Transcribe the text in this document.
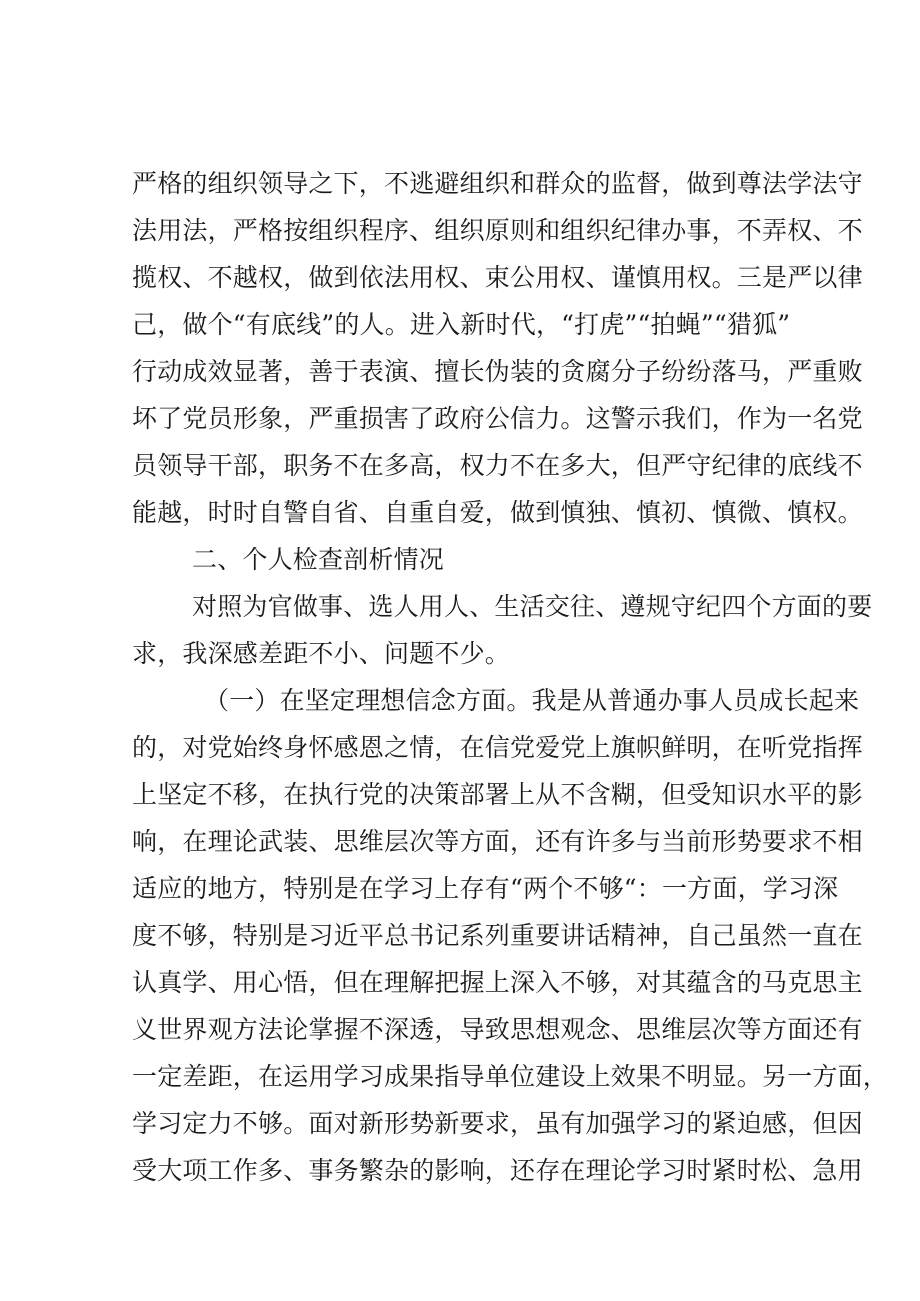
严格的组织领导之下，不逃避组织和群众的监督，做到尊法学法守
法用法，严格按组织程序、组织原则和组织纪律办事，不弄权、不
揽权、不越权，做到依法用权、束公用权、谨慎用权。三是严以律
己，做个“有底线”的人。进入新时代，“打虎”“拍蝇”“猎狐”
行动成效显著，善于表演、擅长伪装的贪腐分子纷纷落马，严重败
坏了党员形象，严重损害了政府公信力。这警示我们，作为一名党
员领导干部，职务不在多高，权力不在多大，但严守纪律的底线不
能越，时时自警自省、自重自爱，做到慎独、慎初、慎微、慎权。
二、个人检查剖析情况
对照为官做事、选人用人、生活交往、遵规守纪四个方面的要
求，我深感差距不小、问题不少。
（一）在坚定理想信念方面。我是从普通办事人员成长起来
的，对党始终身怀感恩之情，在信党爱党上旗帜鲜明，在听党指挥
上坚定不移，在执行党的决策部署上从不含糊，但受知识水平的影
响，在理论武装、思维层次等方面，还有许多与当前形势要求不相
适应的地方，特别是在学习上存有“两个不够“：一方面，学习深
度不够，特别是习近平总书记系列重要讲话精神，自己虽然一直在
认真学、用心悟，但在理解把握上深入不够，对其蕴含的马克思主
义世界观方法论掌握不深透，导致思想观念、思维层次等方面还有
一定差距，在运用学习成果指导单位建设上效果不明显。另一方面，
学习定力不够。面对新形势新要求，虽有加强学习的紧迫感，但因
受大项工作多、事务繁杂的影响，还存在理论学习时紧时松、急用
